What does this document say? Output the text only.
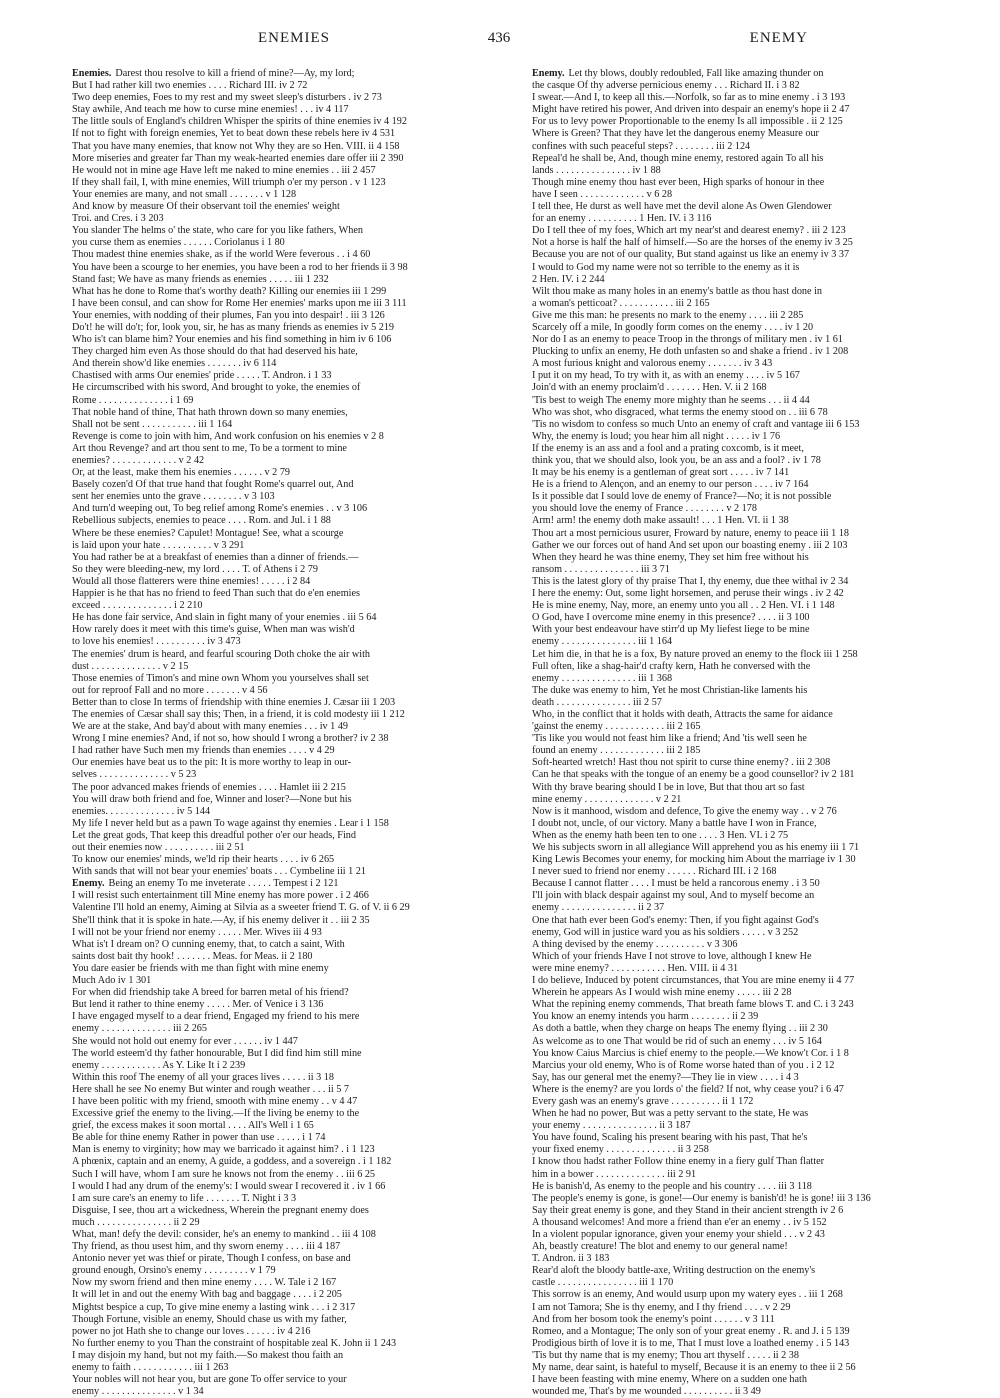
ENEMIES	436	ENEMY
Enemies. Darest thou resolve to kill a friend of mine?—Ay, my lord;
But I had rather kill two enemies . . . . Richard III. iv 2 72
Two deep enemies, Foes to my rest and my sweet sleep's disturbers . iv 2 73
Stay awhile, And teach me how to curse mine enemies! . . . iv 4 117
The little souls of England's children Whisper the spirits of thine enemies iv 4 192
If not to fight with foreign enemies, Yet to beat down these rebels here iv 4 531
That you have many enemies, that know not Why they are so Hen. VIII. ii 4 158
More miseries and greater far Than my weak-hearted enemies dare offer iii 2 390
He would not in mine age Have left me naked to mine enemies . . iii 2 457
If they shall fail, I, with mine enemies, Will triumph o'er my person . v 1 123
Your enemies are many, and not small . . . . . . . v 1 128
And know by measure Of their observant toil the enemies' weight
Troi. and Cres. i 3 203
You slander The helms o' the state, who care for you like fathers, When
you curse them as enemies . . . . . . Coriolanus i 1 80
Thou madest thine enemies shake, as if the world Were feverous . . i 4 60
You have been a scourge to her enemies, you have been a rod to her friends ii 3 98
Stand fast; We have as many friends as enemies . . . . . iii 1 232
What has he done to Rome that's worthy death? Killing our enemies iii 1 299
I have been consul, and can show for Rome Her enemies' marks upon me iii 3 111
Your enemies, with nodding of their plumes, Fan you into despair! . iii 3 126
Do't! he will do't; for, look you, sir, he has as many friends as enemies iv 5 219
Who is't can blame him? Your enemies and his find something in him iv 6 106
They charged him even As those should do that had deserved his hate,
And therein show'd like enemies . . . . . . . iv 6 114
Chastised with arms Our enemies' pride . . . . . T. Andron. i 1 33
He circumscribed with his sword, And brought to yoke, the enemies of
Rome . . . . . . . . . . . . . . i 1 69
That noble hand of thine, That hath thrown down so many enemies,
Shall not be sent . . . . . . . . . . . iii 1 164
Revenge is come to join with him, And work confusion on his enemies v 2 8
Art thou Revenge? and art thou sent to me, To be a torment to mine
enemies? . . . . . . . . . . . . . v 2 42
Or, at the least, make them his enemies . . . . . . v 2 79
Basely cozen'd Of that true hand that fought Rome's quarrel out, And
sent her enemies unto the grave . . . . . . . . v 3 103
And turn'd weeping out, To beg relief among Rome's enemies . . v 3 106
Rebellious subjects, enemies to peace . . . . Rom. and Jul. i 1 88
Where be these enemies? Capulet! Montague! See, what a scourge
is laid upon your hate . . . . . . . . . . v 3 291
You had rather be at a breakfast of enemies than a dinner of friends.—
So they were bleeding-new, my lord . . . . T. of Athens i 2 79
Would all those flatterers were thine enemies! . . . . . i 2 84
Happier is he that has no friend to feed Than such that do e'en enemies
exceed . . . . . . . . . . . . . . i 2 210
He has done fair service, And slain in fight many of your enemies . iii 5 64
How rarely does it meet with this time's guise, When man was wish'd
to love his enemies! . . . . . . . . . . iv 3 473
The enemies' drum is heard, and fearful scouring Doth choke the air with
dust . . . . . . . . . . . . . . v 2 15
Those enemies of Timon's and mine own Whom you yourselves shall set
out for reproof Fall and no more . . . . . . . v 4 56
Better than to close In terms of friendship with thine enemies J. Cæsar iii 1 203
The enemies of Cæsar shall say this; Then, in a friend, it is cold modesty iii 1 212
We are at the stake, And bay'd about with many enemies . . . iv 1 49
Wrong I mine enemies? And, if not so, how should I wrong a brother? iv 2 38
I had rather have Such men my friends than enemies . . . . v 4 29
Our enemies have beat us to the pit: It is more worthy to leap in our-
selves . . . . . . . . . . . . . . v 5 23
The poor advanced makes friends of enemies . . . . Hamlet iii 2 215
You will draw both friend and foe, Winner and loser?—None but his
enemies. . . . . . . . . . . . . . iv 5 144
My life I never held but as a pawn To wage against thy enemies . Lear i 1 158
Let the great gods, That keep this dreadful pother o'er our heads, Find
out their enemies now . . . . . . . . . . iii 2 51
To know our enemies' minds, we'ld rip their hearts . . . . iv 6 265
With sands that will not bear your enemies' boats . . . Cymbeline iii 1 21
Enemy. Being an enemy To me inveterate . . . . . Tempest i 2 121
I will resist such entertainment till Mine enemy has more power . i 2 466
Valentine I'll hold an enemy, Aiming at Silvia as a sweeter friend T. G. of V. ii 6 29
She'll think that it is spoke in hate.—Ay, if his enemy deliver it . . iii 2 35
I will not be your friend nor enemy . . . . . Mer. Wives iii 4 93
What is't I dream on? O cunning enemy, that, to catch a saint, With
saints dost bait thy hook! . . . . . . . Meas. for Meas. ii 2 180
You dare easier be friends with me than fight with mine enemy
Much Ado iv 1 301
For when did friendship take A breed for barren metal of his friend?
But lend it rather to thine enemy . . . . . Mer. of Venice i 3 136
I have engaged myself to a dear friend, Engaged my friend to his mere
enemy . . . . . . . . . . . . . . iii 2 265
She would not hold out enemy for ever . . . . . . iv 1 447
The world esteem'd thy father honourable, But I did find him still mine
enemy . . . . . . . . . . . . As Y. Like It i 2 239
Within this roof The enemy of all your graces lives . . . . . ii 3 18
Here shall he see No enemy But winter and rough weather . . . ii 5 7
I have been politic with my friend, smooth with mine enemy . . v 4 47
Excessive grief the enemy to the living.—If the living be enemy to the
grief, the excess makes it soon mortal . . . . All's Well i 1 65
Be able for thine enemy Rather in power than use . . . . . i 1 74
Man is enemy to virginity; how may we barricado it against him? . i 1 123
A phœnix, captain and an enemy, A guide, a goddess, and a sovereign . i 1 182
Such I will have, whom I am sure he knows not from the enemy . . iii 6 25
I would I had any drum of the enemy's: I would swear I recovered it . iv 1 66
I am sure care's an enemy to life . . . . . . . T. Night i 3 3
Disguise, I see, thou art a wickedness, Wherein the pregnant enemy does
much . . . . . . . . . . . . . . . ii 2 29
What, man! defy the devil: consider, he's an enemy to mankind . . iii 4 108
Thy friend, as thou usest him, and thy sworn enemy . . . . iii 4 187
Antonio never yet was thief or pirate, Though I confess, on base and
ground enough, Orsino's enemy . . . . . . . . . v 1 79
Now my sworn friend and then mine enemy . . . . W. Tale i 2 167
It will let in and out the enemy With bag and baggage . . . . i 2 205
Mightst bespice a cup, To give mine enemy a lasting wink . . . i 2 317
Though Fortune, visible an enemy, Should chase us with my father,
power no jot Hath she to change our loves . . . . . . iv 4 216
No further enemy to you Than the constraint of hospitable zeal K. John ii 1 243
I may disjoin my hand, but not my faith.—So makest thou faith an
enemy to faith . . . . . . . . . . . . iii 1 263
Your nobles will not hear you, but are gone To offer service to your
enemy . . . . . . . . . . . . . . . v 1 34
Enemy. Let thy blows, doubly redoubled, Fall like amazing thunder on
the casque Of thy adverse pernicious enemy . . . Richard II. i 3 82
I swear.—And I, to keep all this.—Norfolk, so far as to mine enemy . i 3 193
Might have retired his power, And driven into despair an enemy's hope ii 2 47
For us to levy power Proportionable to the enemy Is all impossible . ii 2 125
Where is Green? That they have let the dangerous enemy Measure our
confines with such peaceful steps? . . . . . . . . iii 2 124
Repeal'd he shall be, And, though mine enemy, restored again To all his
lands . . . . . . . . . . . . . . . iv 1 88
Though mine enemy thou hast ever been, High sparks of honour in thee
have I seen . . . . . . . . . . . . . v 6 28
I tell thee, He durst as well have met the devil alone As Owen Glendower
for an enemy . . . . . . . . . . 1 Hen. IV. i 3 116
Do I tell thee of my foes, Which art my near'st and dearest enemy? . iii 2 123
Not a horse is half the half of himself.—So are the horses of the enemy iv 3 25
Because you are not of our quality, But stand against us like an enemy iv 3 37
I would to God my name were not so terrible to the enemy as it is
2 Hen. IV. i 2 244
Wilt thou make as many holes in an enemy's battle as thou hast done in
a woman's petticoat? . . . . . . . . . . . iii 2 165
Give me this man: he presents no mark to the enemy . . . . iii 2 285
Scarcely off a mile, In goodly form comes on the enemy . . . . iv 1 20
Nor do I as an enemy to peace Troop in the throngs of military men . iv 1 61
Plucking to unfix an enemy, He doth unfasten so and shake a friend . iv 1 208
A most furious knight and valorous enemy . . . . . . . iv 3 43
I put it on my head, To try with it, as with an enemy . . . . iv 5 167
Join'd with an enemy proclaim'd . . . . . . . Hen. V. ii 2 168
'Tis best to weigh The enemy more mighty than he seems . . . ii 4 44
Who was shot, who disgraced, what terms the enemy stood on . . iii 6 78
'Tis no wisdom to confess so much Unto an enemy of craft and vantage iii 6 153
Why, the enemy is loud; you hear him all night . . . . . iv 1 76
If the enemy is an ass and a fool and a prating coxcomb, is it meet,
think you, that we should also, look you, be an ass and a fool? . iv 1 78
It may be his enemy is a gentleman of great sort . . . . . iv 7 141
He is a friend to Alençon, and an enemy to our person . . . . iv 7 164
Is it possible dat I sould love de enemy of France?—No; it is not possible
you should love the enemy of France . . . . . . . . v 2 178
Arm! arm! the enemy doth make assault! . . . 1 Hen. VI. ii 1 38
Thou art a most pernicious usurer, Froward by nature, enemy to peace iii 1 18
Gather we our forces out of hand And set upon our boasting enemy . iii 2 103
When they heard he was thine enemy, They set him free without his
ransom . . . . . . . . . . . . . . . iii 3 71
This is the latest glory of thy praise That I, thy enemy, due thee withal iv 2 34
I here the enemy: Out, some light horsemen, and peruse their wings . iv 2 42
He is mine enemy, Nay, more, an enemy unto you all . . 2 Hen. VI. i 1 148
O God, have I overcome mine enemy in this presence? . . . . ii 3 100
With your best endeavour have stirr'd up My liefest liege to be mine
enemy . . . . . . . . . . . . . . . iii 1 164
Let him die, in that he is a fox, By nature proved an enemy to the flock iii 1 258
Full often, like a shag-hair'd crafty kern, Hath he conversed with the
enemy . . . . . . . . . . . . . . . iii 1 368
The duke was enemy to him, Yet he most Christian-like laments his
death . . . . . . . . . . . . . . . iii 2 57
Who, in the conflict that it holds with death, Attracts the same for aidance
'gainst the enemy . . . . . . . . . . . . iii 2 165
'Tis like you would not feast him like a friend; And 'tis well seen he
found an enemy . . . . . . . . . . . . . iii 2 185
Soft-hearted wretch! Hast thou not spirit to curse thine enemy? . iii 2 308
Can he that speaks with the tongue of an enemy be a good counsellor? iv 2 181
With thy brave bearing should I be in love, But that thou art so fast
mine enemy . . . . . . . . . . . . . . v 2 21
Now is it manhood, wisdom and defence, To give the enemy way . . v 2 76
I doubt not, uncle, of our victory. Many a battle have I won in France,
When as the enemy hath been ten to one . . . . 3 Hen. VI. i 2 75
We his subjects sworn in all allegiance Will apprehend you as his enemy iii 1 71
King Lewis Becomes your enemy, for mocking him About the marriage iv 1 30
I never sued to friend nor enemy . . . . . . Richard III. i 2 168
Because I cannot flatter . . . . I must be held a rancorous enemy . i 3 50
I'll join with black despair against my soul, And to myself become an
enemy . . . . . . . . . . . . . . . ii 2 37
One that hath ever been God's enemy: Then, if you fight against God's
enemy, God will in justice ward you as his soldiers . . . . . v 3 252
A thing devised by the enemy . . . . . . . . . . v 3 306
Which of your friends Have I not strove to love, although I knew He
were mine enemy? . . . . . . . . . . . Hen. VIII. ii 4 31
I do believe, Induced by potent circumstances, that You are mine enemy ii 4 77
Wherein he appears As I would wish mine enemy . . . . . iii 2 28
What the repining enemy commends, That breath fame blows T. and C. i 3 243
You know an enemy intends you harm . . . . . . . . ii 2 39
As doth a battle, when they charge on heaps The enemy flying . . iii 2 30
As welcome as to one That would be rid of such an enemy . . . iv 5 164
You know Caius Marcius is chief enemy to the people.—We know't Cor. i 1 8
Marcius your old enemy, Who is of Rome worse hated than of you . i 2 12
Say, has our general met the enemy?—They lie in view . . . . i 4 3
Where is the enemy? are you lords o' the field? If not, why cease you? i 6 47
Every gash was an enemy's grave . . . . . . . . . . ii 1 172
When he had no power, But was a petty servant to the state, He was
your enemy . . . . . . . . . . . . . . . ii 3 187
You have found, Scaling his present bearing with his past, That he's
your fixed enemy . . . . . . . . . . . . . . ii 3 258
I know thou hadst rather Follow thine enemy in a fiery gulf Than flatter
him in a bower . . . . . . . . . . . . . . iii 2 91
He is banish'd, As enemy to the people and his country . . . . iii 3 118
The people's enemy is gone, is gone!—Our enemy is banish'd! he is gone! iii 3 136
Say their great enemy is gone, and they Stand in their ancient strength iv 2 6
A thousand welcomes! And more a friend than e'er an enemy . . iv 5 152
In a violent popular ignorance, given your enemy your shield . . . v 2 43
Ah, beastly creature! The blot and enemy to our general name!
T. Andron. ii 3 183
Rear'd aloft the bloody battle-axe, Writing destruction on the enemy's
castle . . . . . . . . . . . . . . . . iii 1 170
This sorrow is an enemy, And would usurp upon my watery eyes . . iii 1 268
I am not Tamora; She is thy enemy, and I thy friend . . . . v 2 29
And from her bosom took the enemy's point . . . . . . v 3 111
Romeo, and a Montague; The only son of your great enemy . R. and J. i 5 139
Prodigious birth of love it is to me, That I must love a loathed enemy . i 5 143
'Tis but thy name that is my enemy; Thou art thyself . . . . . ii 2 38
My name, dear saint, is hateful to myself, Because it is an enemy to thee ii 2 56
I have been feasting with mine enemy, Where on a sudden one hath
wounded me, That's by me wounded . . . . . . . . . . ii 3 49
